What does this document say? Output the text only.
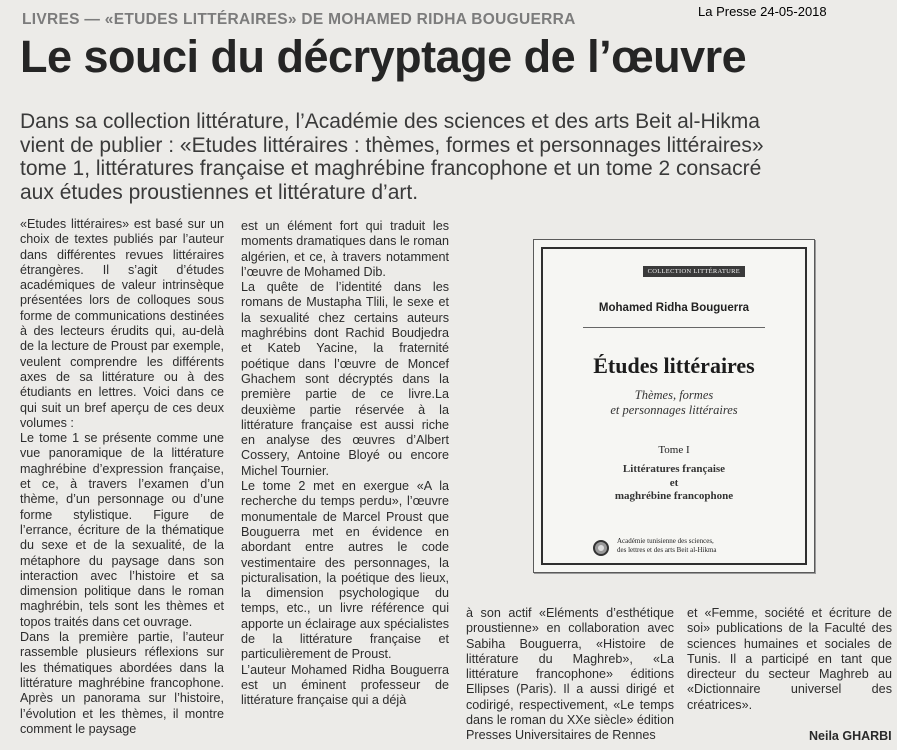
LIVRES — «ETUDES LITTÉRAIRES» DE MOHAMED RIDHA BOUGUERRA	La Presse 24-05-2018
Le souci du décryptage de l’œuvre
Dans sa collection littérature, l’Académie des sciences et des arts Beit al-Hikma
vient de publier : «Etudes littéraires : thèmes, formes et personnages littéraires»
tome 1, littératures française et maghrébine francophone et un tome 2 consacré
aux études proustiennes et littérature d’art.

«Etudes littéraires» est basé sur un choix de textes publiés par l’auteur dans différentes revues littéraires étrangères. Il s’agit d’études académiques de valeur intrinsèque présentées lors de colloques sous forme de communications destinées à des lecteurs érudits qui, au-delà de la lecture de Proust par exemple, veulent comprendre les différents axes de sa littérature ou à des étudiants en lettres. Voici dans ce qui suit un bref aperçu de ces deux volumes :

Le tome 1 se présente comme une vue panoramique de la littérature maghrébine d’expression française, et ce, à travers l’examen d’un thème, d’un personnage ou d’une forme stylistique. Figure de l’errance, écriture de la thématique du sexe et de la sexualité, de la métaphore du paysage dans son interaction avec l’histoire et sa dimension politique dans le roman maghrébin, tels sont les thèmes et topos traités dans cet ouvrage.

Dans la première partie, l’auteur rassemble plusieurs réflexions sur les thématiques abordées dans la littérature maghrébine francophone. Après un panorama sur l’histoire, l’évolution et les thèmes, il montre comment le paysage

est un élément fort qui traduit les moments dramatiques dans le roman algérien, et ce, à travers notamment l’œuvre de Mohamed Dib.

La quête de l’identité dans les romans de Mustapha Tlili, le sexe et la sexualité chez certains auteurs maghrébins dont Rachid Boudjedra et Kateb Yacine, la fraternité poétique dans l’œuvre de Moncef Ghachem sont décryptés dans la première partie de ce livre.La deuxième partie réservée à la littérature française est aussi riche en analyse des œuvres d’Albert Cossery, Antoine Bloyé ou encore Michel Tournier.

Le tome 2 met en exergue «A la recherche du temps perdu», l’œuvre monumentale de Marcel Proust que Bouguerra met en évidence en abordant entre autres le code vestimentaire des personnages, la picturalisation, la poétique des lieux, la dimension psychologique du temps, etc., un livre référence qui apporte un éclairage aux spécialistes de la littérature française et particulièrement de Proust.

L’auteur Mohamed Ridha Bouguerra est un éminent professeur de littérature française qui a déjà

COLLECTION LITTÉRATURE
Mohamed Ridha Bouguerra
Études littéraires
Thèmes, formes
et personnages littéraires
Tome I
Littératures française
et
maghrébine francophone
Académie tunisienne des sciences,
des lettres et des arts Beit al-Hikma

à son actif «Eléments d’esthétique proustienne» en collaboration avec Sabiha Bouguerra, «Histoire de littérature du Maghreb», «La littérature francophone» éditions Ellipses (Paris). Il a aussi dirigé et codirigé, respectivement, «Le temps dans le roman du XXe siècle» édition Presses Universitaires de Rennes

et «Femme, société et écriture de soi» publications de la Faculté des sciences humaines et sociales de Tunis. Il a participé en tant que directeur du secteur Maghreb au «Dictionnaire universel des créatrices».

Neila GHARBI
